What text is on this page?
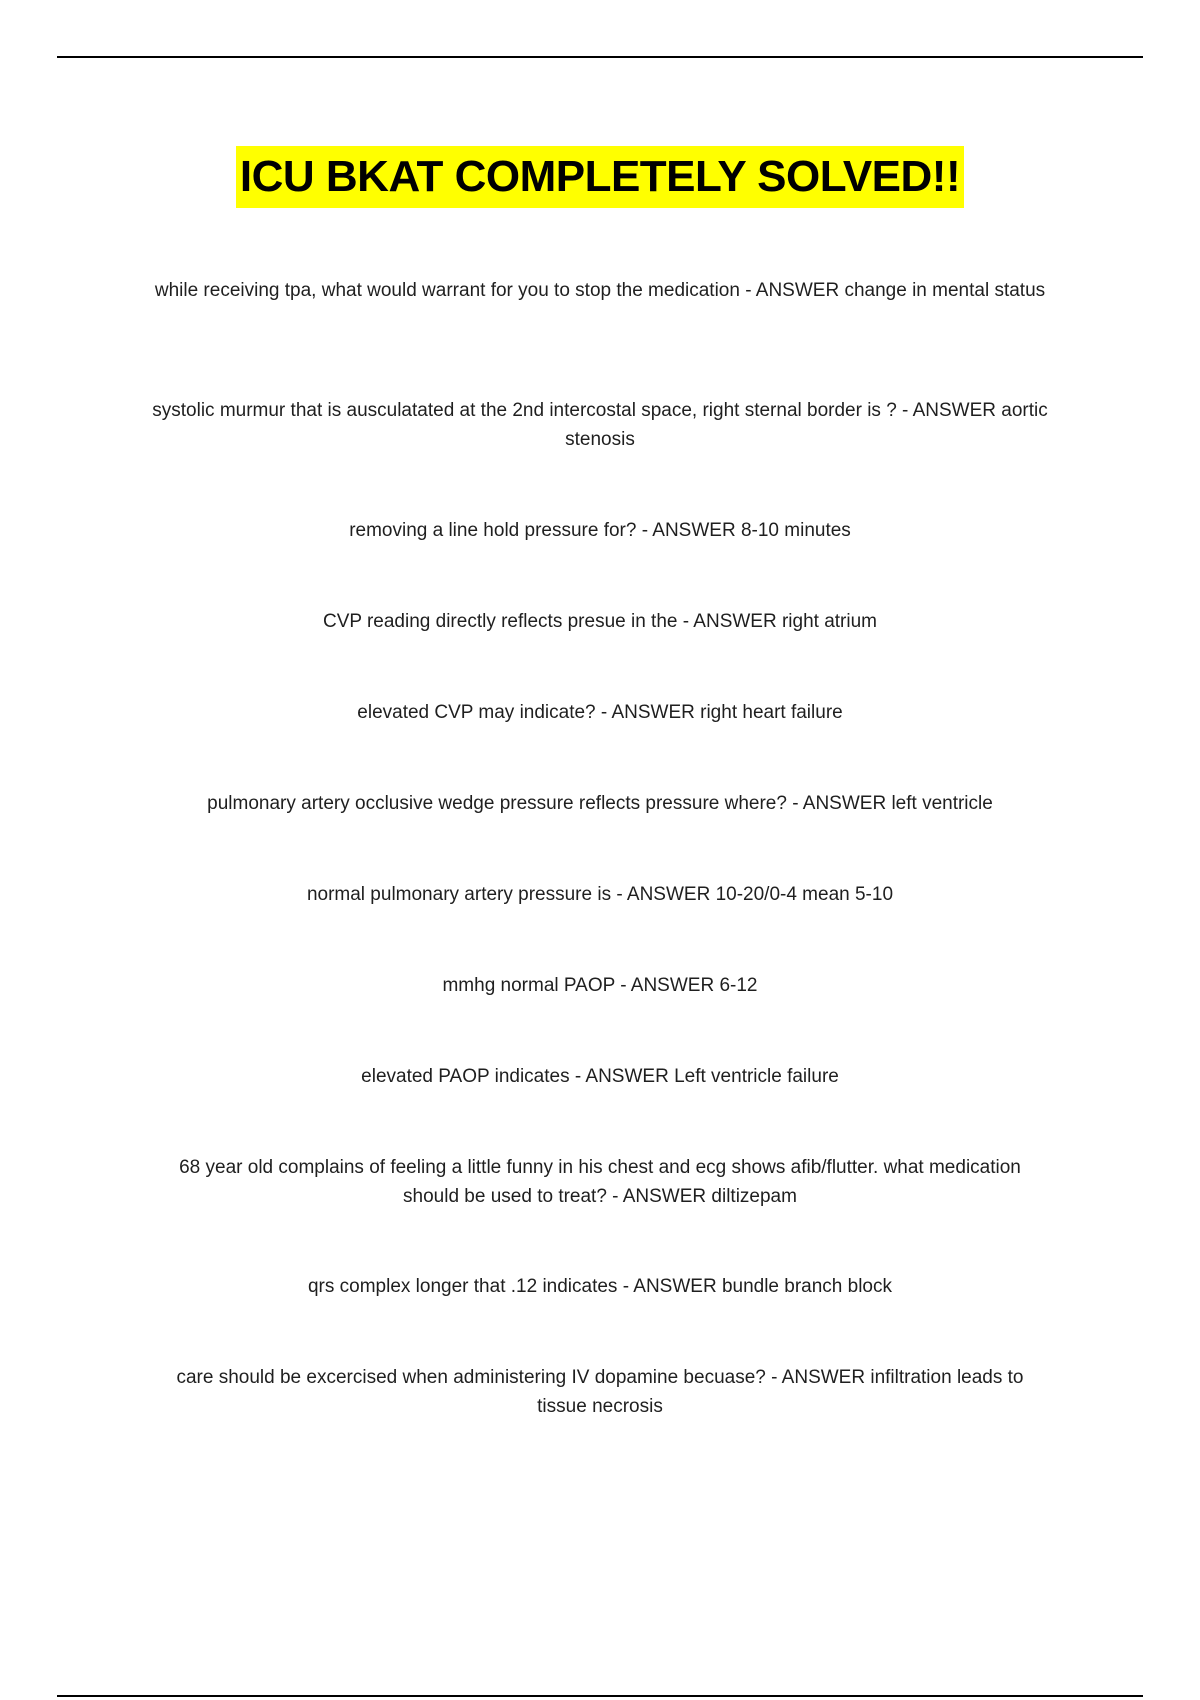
ICU BKAT COMPLETELY SOLVED!!
while receiving tpa, what would warrant for you to stop the medication - ANSWER change in mental status
systolic murmur that is ausculatated at the 2nd intercostal space, right sternal border is ? - ANSWER aortic stenosis
removing a line hold pressure for? - ANSWER 8-10 minutes
CVP reading directly reflects presue in the - ANSWER right atrium
elevated CVP may indicate? - ANSWER right heart failure
pulmonary artery occlusive wedge pressure reflects pressure where? - ANSWER left ventricle
normal pulmonary artery pressure is - ANSWER 10-20/0-4 mean 5-10
mmhg normal PAOP - ANSWER 6-12
elevated PAOP indicates - ANSWER Left ventricle failure
68 year old complains of feeling a little funny in his chest and ecg shows afib/flutter. what medication should be used to treat? - ANSWER diltizepam
qrs complex longer that .12 indicates - ANSWER bundle branch block
care should be excercised when administering IV dopamine becuase? - ANSWER infiltration leads to tissue necrosis
